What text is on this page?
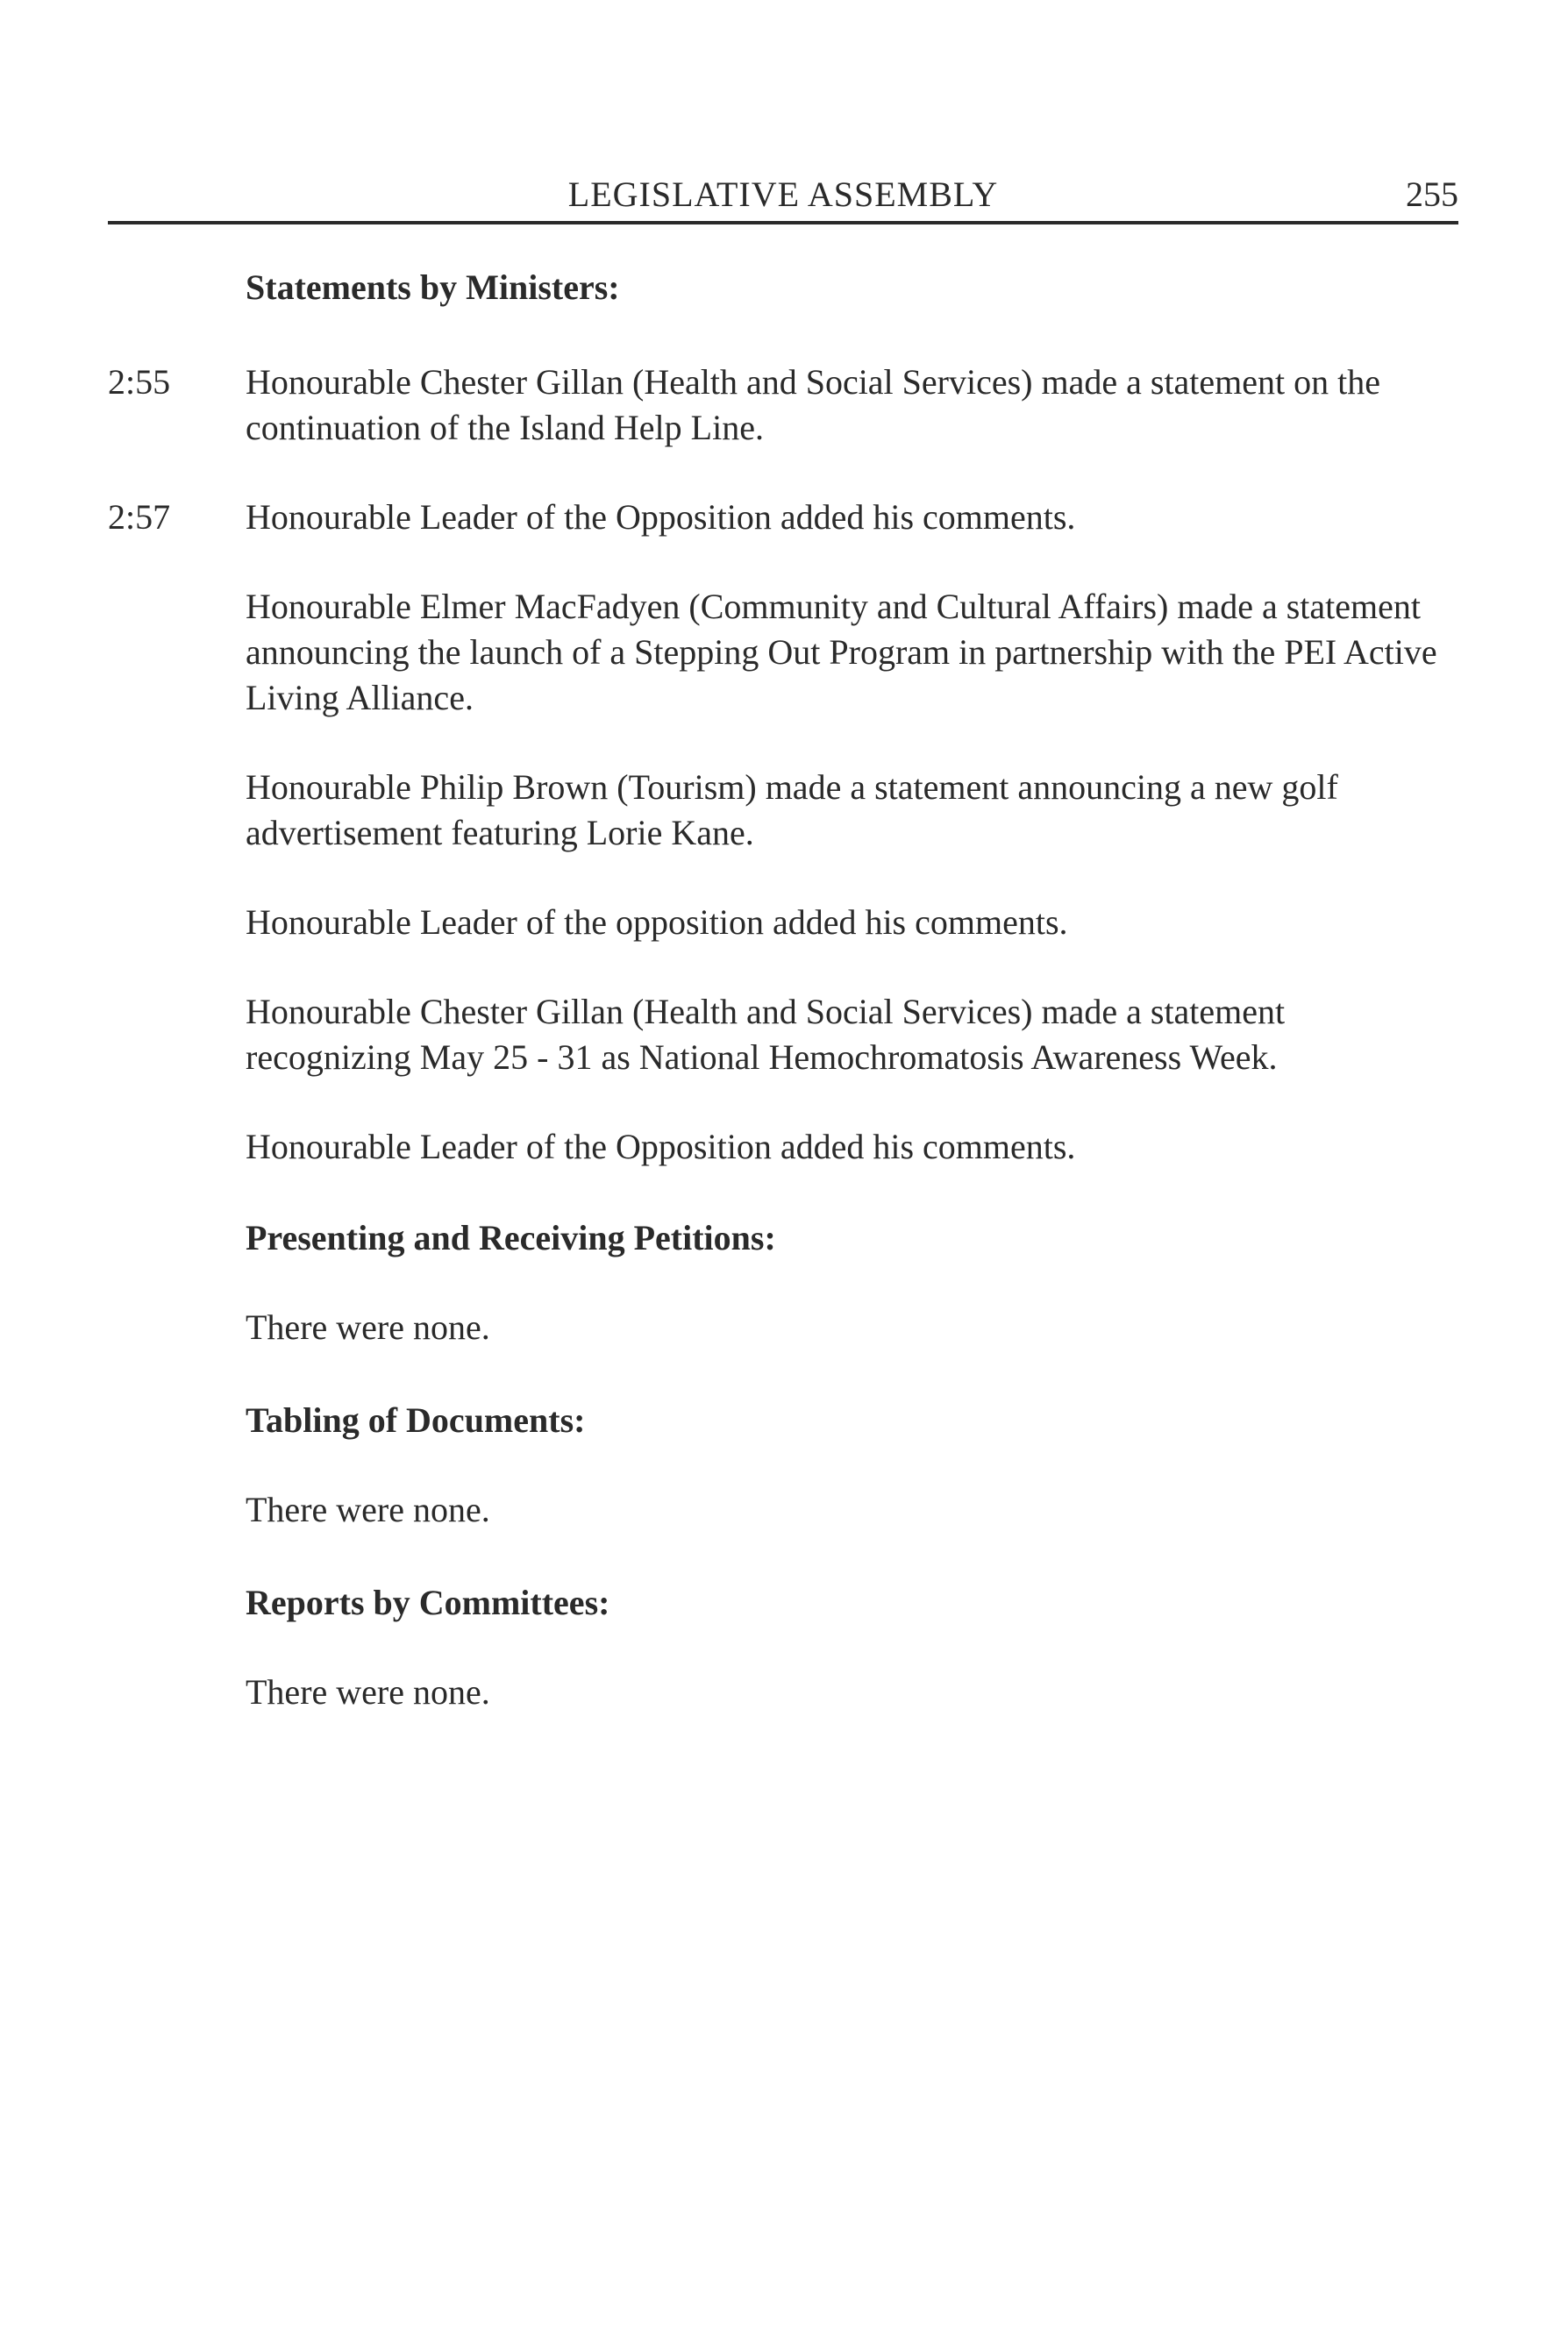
LEGISLATIVE ASSEMBLY	255
Statements by Ministers:
2:55	Honourable Chester Gillan (Health and Social Services) made a statement on the continuation of the Island Help Line.
2:57	Honourable Leader of the Opposition added his comments.
Honourable Elmer MacFadyen (Community and Cultural Affairs) made a statement announcing the launch of a Stepping Out Program in partnership with the PEI Active Living Alliance.
Honourable Philip Brown (Tourism) made a statement announcing a new golf advertisement featuring Lorie Kane.
Honourable Leader of the opposition added his comments.
Honourable Chester Gillan (Health and Social Services) made a statement recognizing May 25 - 31 as National Hemochromatosis Awareness Week.
Honourable Leader of the Opposition added his comments.
Presenting and Receiving Petitions:
There were none.
Tabling of Documents:
There were none.
Reports by Committees:
There were none.
